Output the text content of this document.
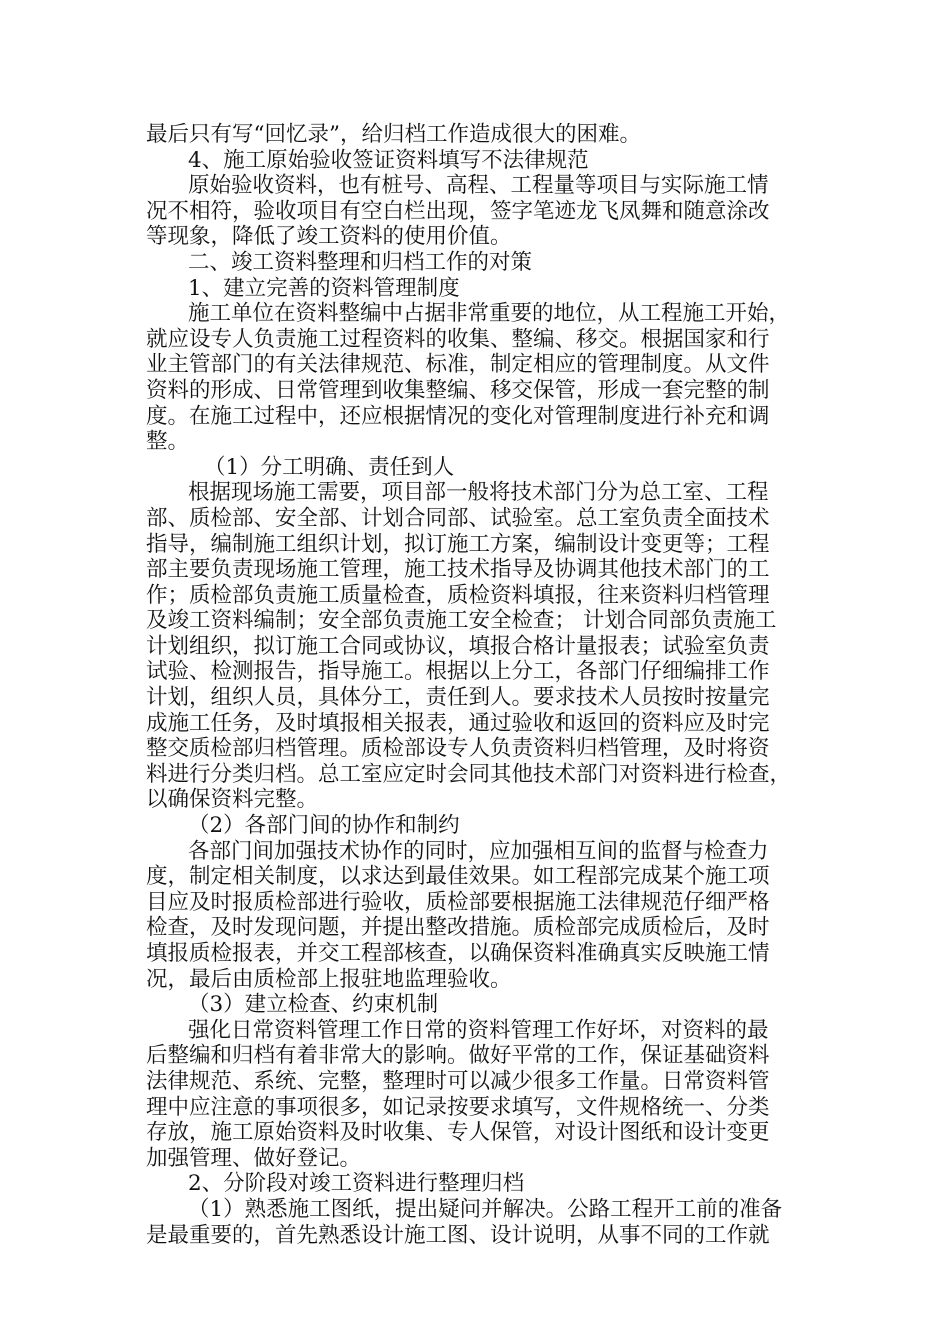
最后只有写“回忆录”，给归档工作造成很大的困难。
4、施工原始验收签证资料填写不法律规范
原始验收资料，也有桩号、高程、工程量等项目与实际施工情
况不相符，验收项目有空白栏出现，签字笔迹龙飞凤舞和随意涂改
等现象，降低了竣工资料的使用价值。
二、竣工资料整理和归档工作的对策
1、建立完善的资料管理制度
施工单位在资料整编中占据非常重要的地位，从工程施工开始，
就应设专人负责施工过程资料的收集、整编、移交。根据国家和行
业主管部门的有关法律规范、标准，制定相应的管理制度。从文件
资料的形成、日常管理到收集整编、移交保管，形成一套完整的制
度。在施工过程中，还应根据情况的变化对管理制度进行补充和调
整。
（1）分工明确、责任到人
根据现场施工需要，项目部一般将技术部门分为总工室、工程
部、质检部、安全部、计划合同部、试验室。总工室负责全面技术
指导，编制施工组织计划，拟订施工方案，编制设计变更等；工程
部主要负责现场施工管理，施工技术指导及协调其他技术部门的工
作；质检部负责施工质量检查，质检资料填报，往来资料归档管理
及竣工资料编制；安全部负责施工安全检查； 计划合同部负责施工
计划组织，拟订施工合同或协议，填报合格计量报表；试验室负责
试验、检测报告，指导施工。根据以上分工，各部门仔细编排工作
计划，组织人员，具体分工，责任到人。要求技术人员按时按量完
成施工任务，及时填报相关报表，通过验收和返回的资料应及时完
整交质检部归档管理。质检部设专人负责资料归档管理，及时将资
料进行分类归档。总工室应定时会同其他技术部门对资料进行检查，
以确保资料完整。
（2）各部门间的协作和制约
各部门间加强技术协作的同时，应加强相互间的监督与检查力
度，制定相关制度，以求达到最佳效果。如工程部完成某个施工项
目应及时报质检部进行验收，质检部要根据施工法律规范仔细严格
检查，及时发现问题，并提出整改措施。质检部完成质检后，及时
填报质检报表，并交工程部核查，以确保资料准确真实反映施工情
况，最后由质检部上报驻地监理验收。
（3）建立检查、约束机制
强化日常资料管理工作日常的资料管理工作好坏，对资料的最
后整编和归档有着非常大的影响。做好平常的工作，保证基础资料
法律规范、系统、完整，整理时可以减少很多工作量。日常资料管
理中应注意的事项很多，如记录按要求填写，文件规格统一、分类
存放，施工原始资料及时收集、专人保管，对设计图纸和设计变更
加强管理、做好登记。
2、分阶段对竣工资料进行整理归档
（1）熟悉施工图纸，提出疑问并解决。公路工程开工前的准备
是最重要的，首先熟悉设计施工图、设计说明，从事不同的工作就
